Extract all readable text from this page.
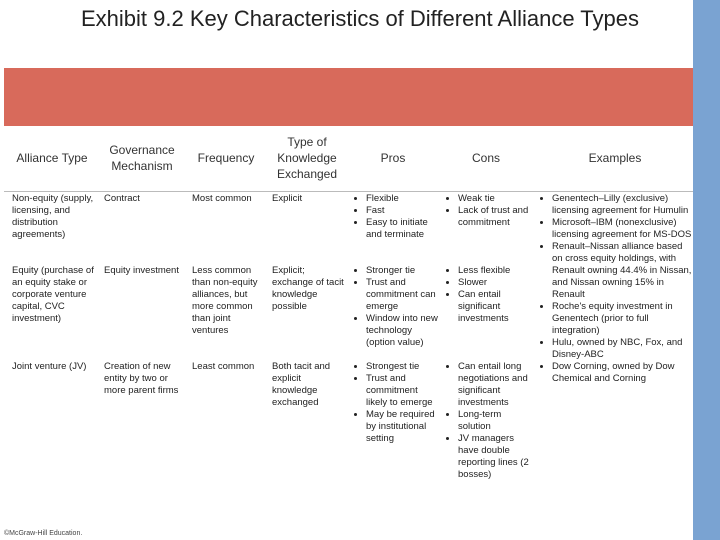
Exhibit 9.2 Key Characteristics of Different Alliance Types
Alliance Type
Governance Mechanism
Frequency
Type of Knowledge Exchanged
Pros	Cons	Examples
Non-equity (supply, licensing, and distribution agreements)
Contract	Most common	Explicit
•	Flexible
• Fast
• Easy to initiate and terminate
• Weak tie
• Lack of trust and commitment
Equity (purchase of an equity stake or corporate venture capital, CVC investment)
Equity investment	Less common than non-equity alliances, but more common than joint ventures
Explicit; exchange of tacit knowledge possible
• Stronger tie
• Trust and commitment can emerge
• Window into new technology (option value)
• Less flexible
• Slower
• Can entail significant investments
Joint venture (JV)	Creation of new entity by two or more parent firms
Least common	Both tacit and explicit knowledge exchanged
• Strongest tie
• Trust and commitment likely to emerge
• May be required by institutional setting
• Can entail long negotiations and significant investments
• Long-term solution
• JV managers have double reporting lines (2 bosses)
• Genentech–Lilly (exclusive) licensing agreement for Humulin
• Microsoft–IBM (nonexclusive) licensing agreement for MS-DOS
• Renault–Nissan alliance based on cross equity holdings, with Renault owning 44.4% in Nissan, and Nissan owning 15% in Renault
• Roche's equity investment in Genentech (prior to full integration)
• Hulu, owned by NBC, Fox, and Disney-ABC
• Dow Corning, owned by Dow Chemical and Corning
©McGraw-Hill Education.
